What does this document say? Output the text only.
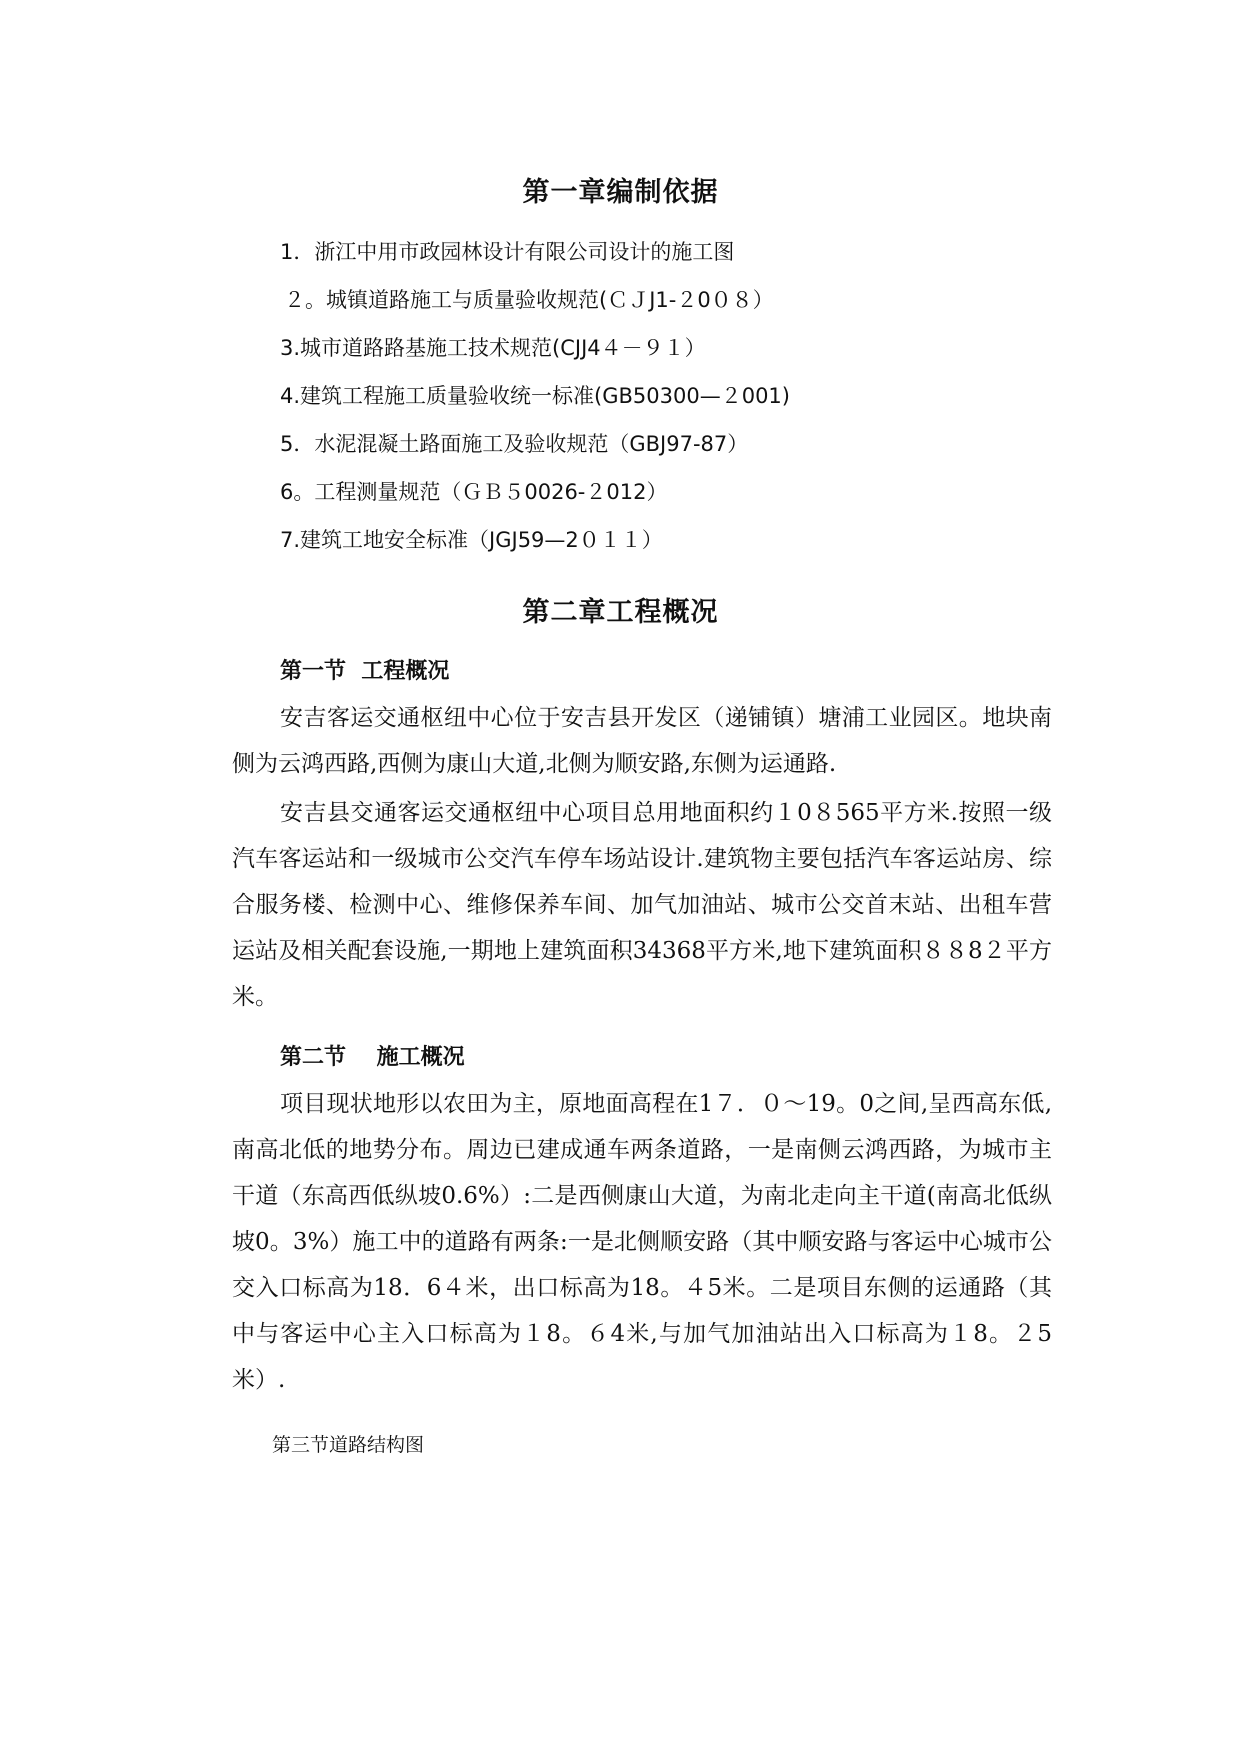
第一章编制依据
1．浙江中用市政园林设计有限公司设计的施工图
２。城镇道路施工与质量验收规范(ＣＪJ1-２0０８）
3.城市道路路基施工技术规范(CJJ4４－９１）
4.建筑工程施工质量验收统一标准(GB50300—２001)
5．水泥混凝土路面施工及验收规范（GBJ97-87）
6。工程测量规范（ＧＢ５0026-２012）
7.建筑工地安全标准（JGJ59—2０１１）
第二章工程概况
第一节  工程概况

安吉客运交通枢纽中心位于安吉县开发区（递铺镇）塘浦工业园区。地块南侧为云鸿西路,西侧为康山大道,北侧为顺安路,东侧为运通路.

安吉县交通客运交通枢纽中心项目总用地面积约１0８565平方米.按照一级汽车客运站和一级城市公交汽车停车场站设计.建筑物主要包括汽车客运站房、综合服务楼、检测中心、维修保养车间、加气加油站、城市公交首末站、出租车营运站及相关配套设施,一期地上建筑面积34368平方米,地下建筑面积８８8２平方米。

第二节    施工概况

项目现状地形以农田为主，原地面高程在1７．０～19。0之间,呈西高东低,南高北低的地势分布。周边已建成通车两条道路，一是南侧云鸿西路，为城市主干道（东高西低纵坡0.6%）:二是西侧康山大道，为南北走向主干道(南高北低纵坡0。3%）施工中的道路有两条:一是北侧顺安路（其中顺安路与客运中心城市公交入口标高为18．6４米，出口标高为18。４5米。二是项目东侧的运通路（其中与客运中心主入口标高为１8。６4米,与加气加油站出入口标高为１8。２5米）.

第三节道路结构图
